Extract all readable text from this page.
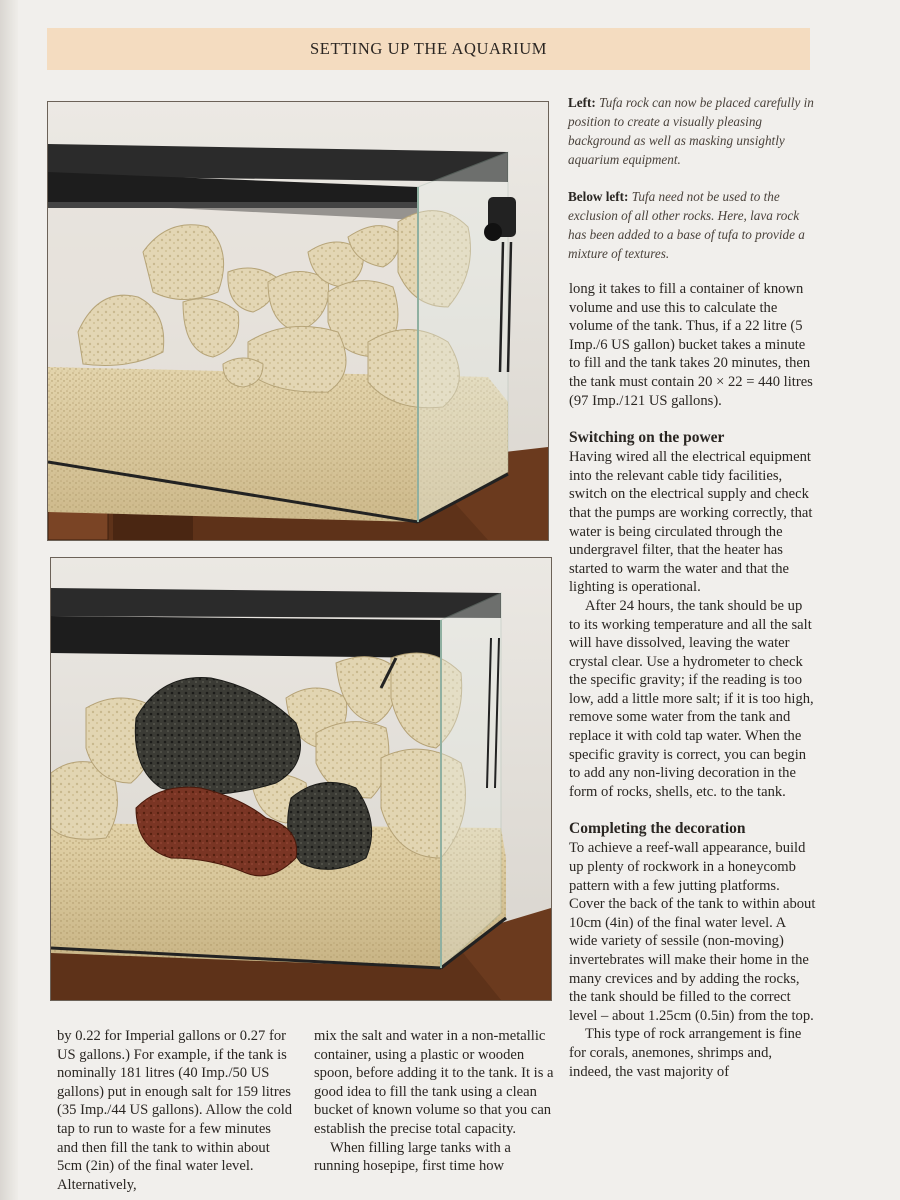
SETTING UP THE AQUARIUM
Left: Tufa rock can now be placed carefully in position to create a visually pleasing background as well as masking unsightly aquarium equipment.
Below left: Tufa need not be used to the exclusion of all other rocks. Here, lava rock has been added to a base of tufa to provide a mixture of textures.

long it takes to fill a container of known volume and use this to calculate the volume of the tank. Thus, if a 22 litre (5 Imp./6 US gallon) bucket takes a minute to fill and the tank takes 20 minutes, then the tank must contain 20 × 22 = 440 litres (97 Imp./121 US gallons).

Switching on the power

Having wired all the electrical equipment into the relevant cable tidy facilities, switch on the electrical supply and check that the pumps are working correctly, that water is being circulated through the undergravel filter, that the heater has started to warm the water and that the lighting is operational.

After 24 hours, the tank should be up to its working temperature and all the salt will have dissolved, leaving the water crystal clear. Use a hydrometer to check the specific gravity; if the reading is too low, add a little more salt; if it is too high, remove some water from the tank and replace it with cold tap water. When the specific gravity is correct, you can begin to add any non-living decoration in the form of rocks, shells, etc. to the tank.

Completing the decoration

To achieve a reef-wall appearance, build up plenty of rockwork in a honeycomb pattern with a few jutting platforms. Cover the back of the tank to within about 10cm (4in) of the final water level. A wide variety of sessile (non-moving) invertebrates will make their home in the many crevices and by adding the rocks, the tank should be filled to the correct level – about 1.25cm (0.5in) from the top.

This type of rock arrangement is fine for corals, anemones, shrimps and, indeed, the vast majority of

by 0.22 for Imperial gallons or 0.27 for US gallons.) For example, if the tank is nominally 181 litres (40 Imp./50 US gallons) put in enough salt for 159 litres (35 Imp./44 US gallons). Allow the cold tap to run to waste for a few minutes and then fill the tank to within about 5cm (2in) of the final water level. Alternatively,

mix the salt and water in a non-metallic container, using a plastic or wooden spoon, before adding it to the tank. It is a good idea to fill the tank using a clean bucket of known volume so that you can establish the precise total capacity.

When filling large tanks with a running hosepipe, first time how
